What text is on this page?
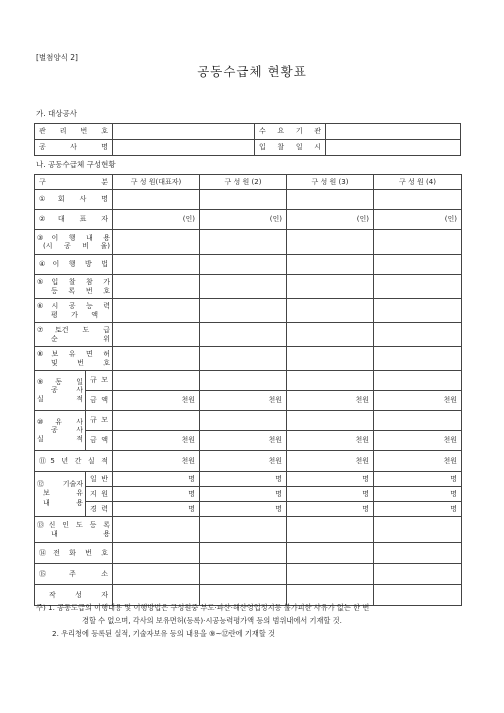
[별첨양식 2]
공동수급체 현황표
가. 대상공사
관 리 번 호		수 요 기 관	
공 사 명		입 찰 일 시	
나. 공동수급체 구성현황
구 분		구 성 원(대표자)	구 성 원 (2)	구 성 원 (3)	구 성 원 (4)
①회 사 명					
②대 표 자		(인)	(인)	(인)	(인)

③이 행 내 용
(시 공 비 율)					

④이 행 방 법					

⑤입 찰 참 가
등 록 번 호					

⑥시 공 능 력
평 가 액					

⑦토건 도 급
순 위					

⑧보 유 면 허
및 번 호					

⑨동 일
공 사
실 적	규 모				
	금 액	천원	천원	천원	천원

⑩유 사
공 사
실 적	규 모				
	금 액	천원	천원	천원	천원
⑪5 년 간 실 적		천원	천원	천원	천원

⑫기술자
보 유
내 용	일 반	명	명	명	명
	지 원	명	명	명	명
	경 력	명	명	명	명

⑬신 인 도 등 록
내 용					

⑭전 화 번 호					
⑮주 소					
작 성 자					
주) 1. 공동도급의 이행내용 및 이행방법은 구성원중 부도·파산·해산영업정지등 불가피한 사유가 없는 한 변
경할 수 없으며, 각사의 보유면허(등록)·시공능력평가액 등의 범위내에서 기재할 것.
2. 우리청에 등록된 실적, 기술자보유 등의 내용을 ⑨~⑫란에 기재할 것
